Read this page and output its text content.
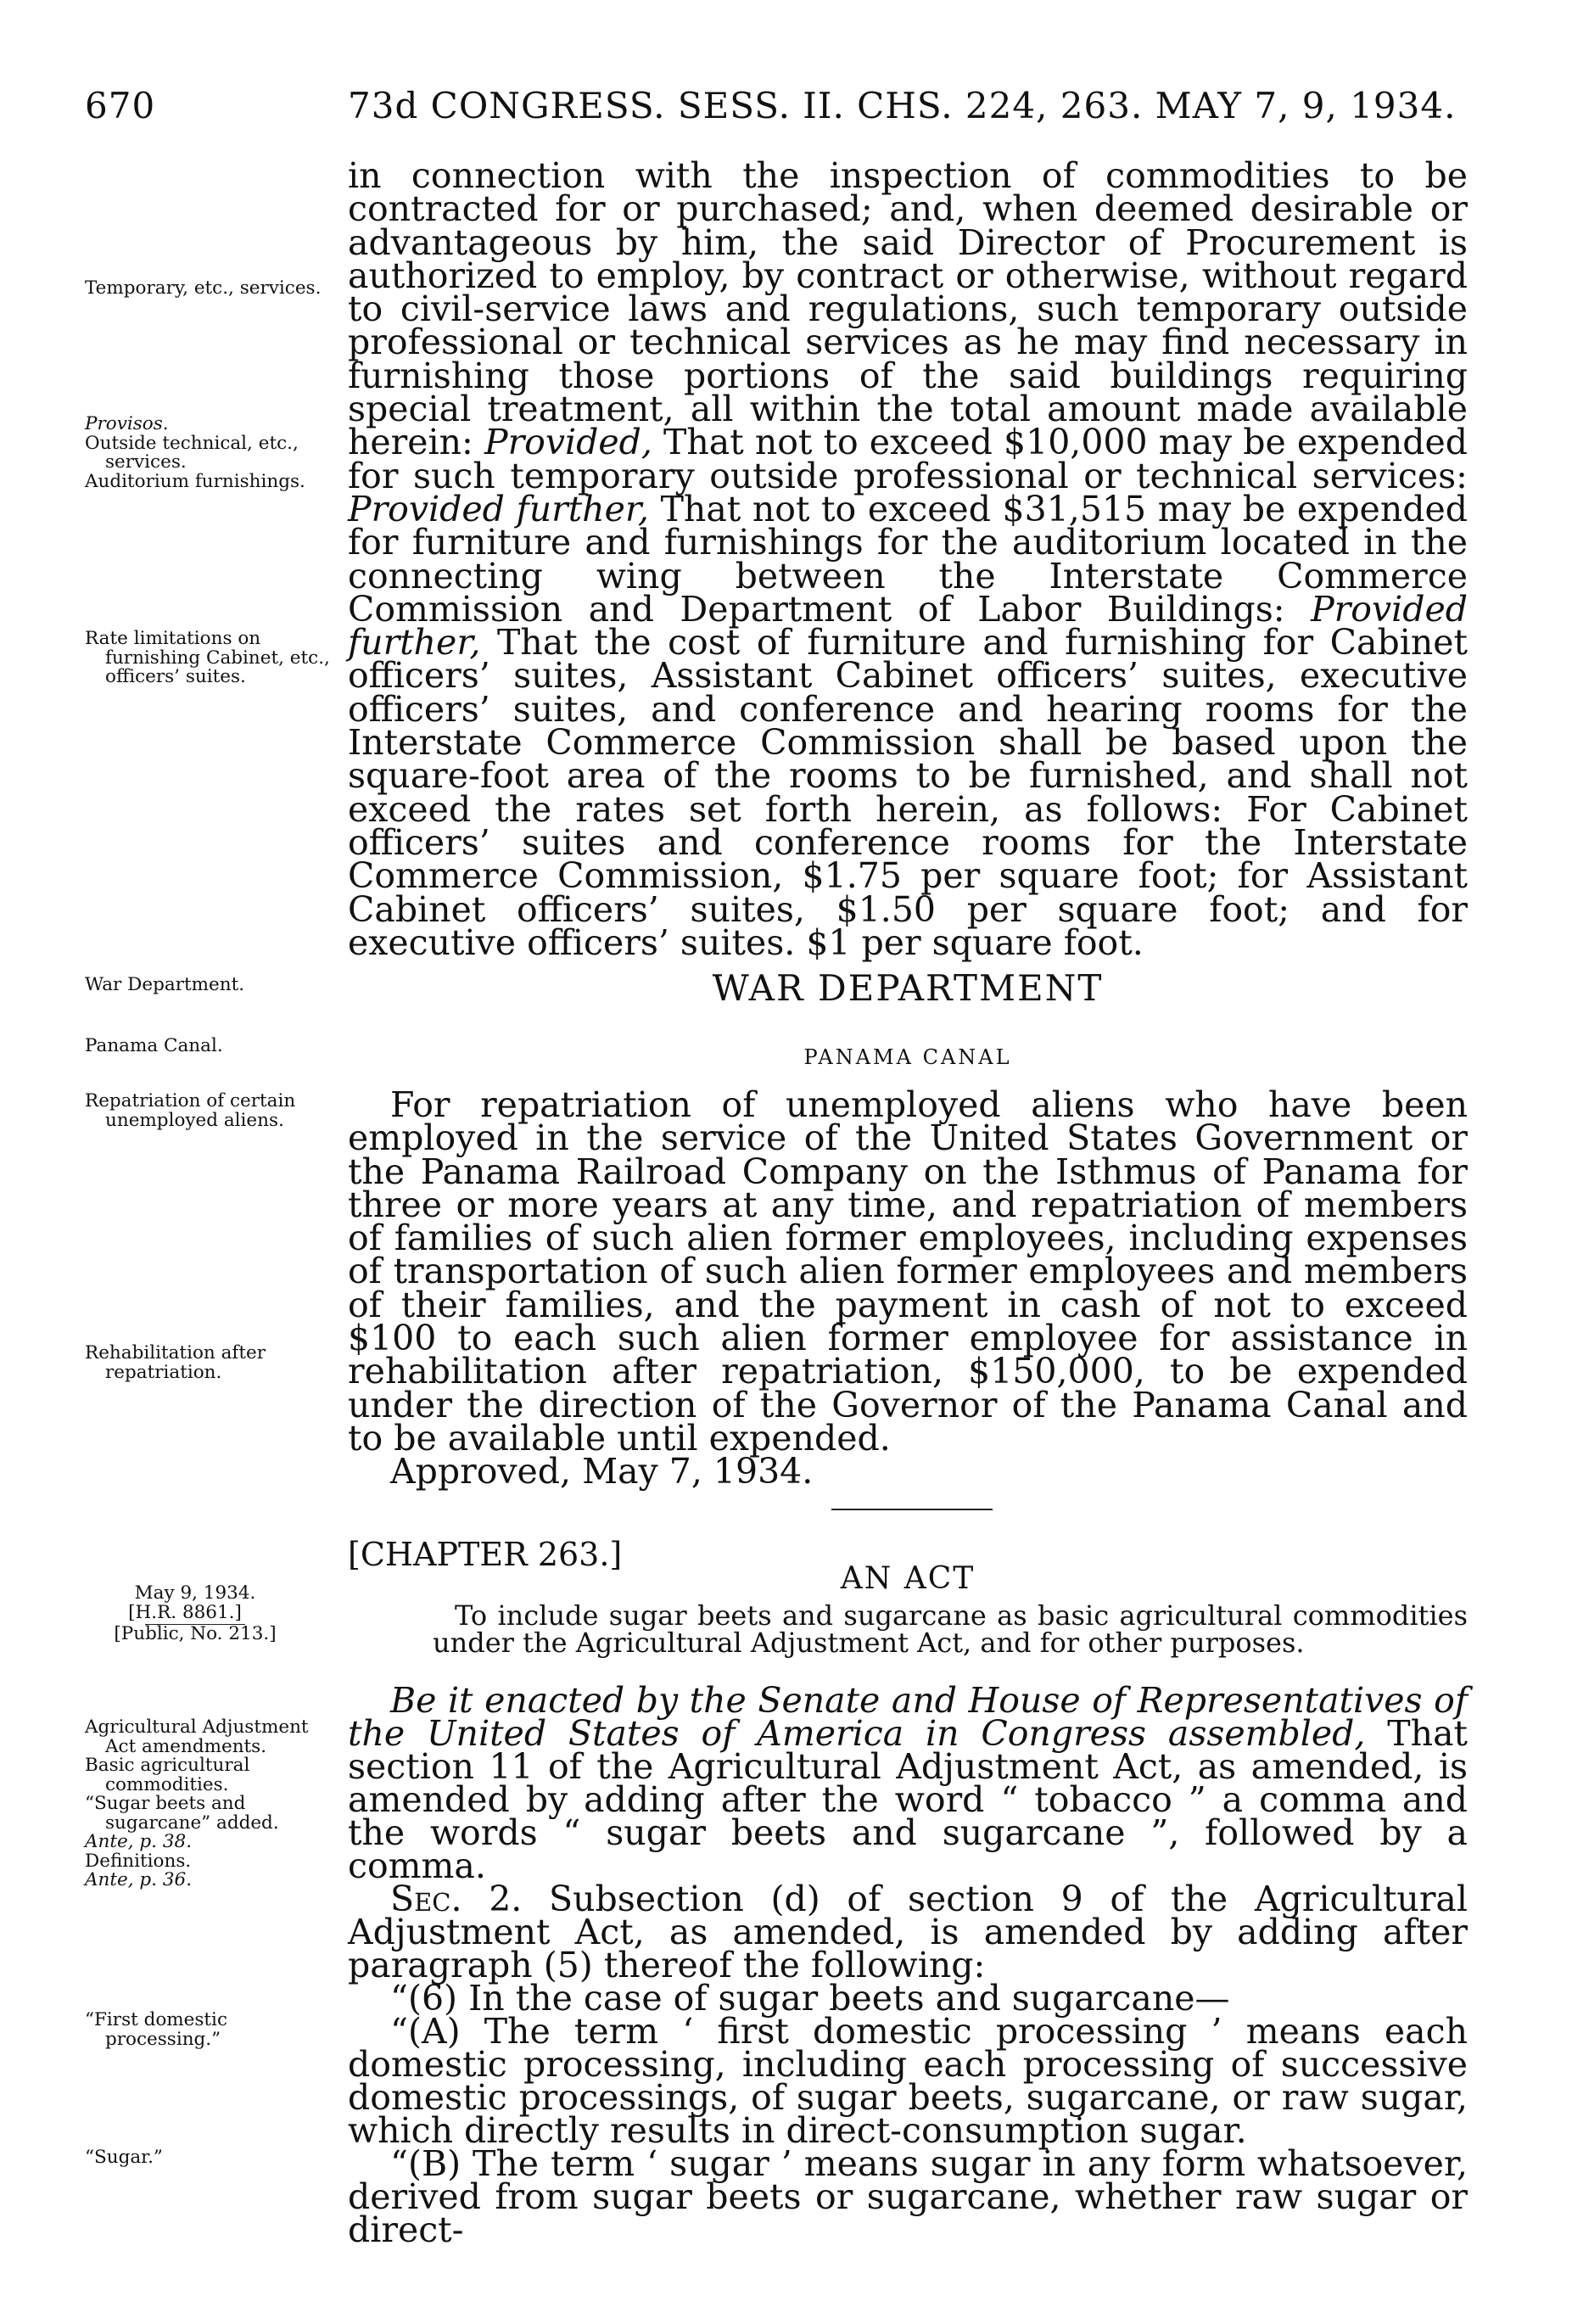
670	73d CONGRESS. SESS. II. CHS. 224, 263. MAY 7, 9, 1934.

in connection with the inspection of commodities to be contracted for or purchased; and, when deemed desirable or advantageous by him, the said Director of Procurement is authorized to employ, by contract or otherwise, without regard to civil-service laws and regulations, such temporary outside professional or technical services as he may find necessary in furnishing those portions of the said buildings requiring special treatment, all within the total amount made available herein: Provided, That not to exceed $10,000 may be expended for such temporary outside professional or technical services: Provided further, That not to exceed $31,515 may be expended for furniture and furnishings for the auditorium located in the connecting wing between the Interstate Commerce Commission and Department of Labor Buildings: Provided further, That the cost of furniture and furnishing for Cabinet officers’ suites, Assistant Cabinet officers’ suites, executive officers’ suites, and conference and hearing rooms for the Interstate Commerce Commission shall be based upon the square-foot area of the rooms to be furnished, and shall not exceed the rates set forth herein, as follows: For Cabinet officers’ suites and conference rooms for the Interstate Commerce Commission, $1.75 per square foot; for Assistant Cabinet officers’ suites, $1.50 per square foot; and for executive officers’ suites. $1 per square foot.

WAR DEPARTMENT
PANAMA CANAL

For repatriation of unemployed aliens who have been employed in the service of the United States Government or the Panama Railroad Company on the Isthmus of Panama for three or more years at any time, and repatriation of members of families of such alien former employees, including expenses of transportation of such alien former employees and members of their families, and the payment in cash of not to exceed $100 to each such alien former employee for assistance in rehabilitation after repatriation, $150,000, to be expended under the direction of the Governor of the Panama Canal and to be available until expended.

Approved, May 7, 1934.

[CHAPTER 263.]
AN ACT
To include sugar beets and sugarcane as basic agricultural commodities under the Agricultural Adjustment Act, and for other purposes.

Be it enacted by the Senate and House of Representatives of the United States of America in Congress assembled, That section 11 of the Agricultural Adjustment Act, as amended, is amended by adding after the word “ tobacco ” a comma and the words “ sugar beets and sugarcane ”, followed by a comma.

Sec. 2. Subsection (d) of section 9 of the Agricultural Adjustment Act, as amended, is amended by adding after paragraph (5) thereof the following:

“(6) In the case of sugar beets and sugarcane—

“(A) The term ‘ first domestic processing ’ means each domestic processing, including each processing of successive domestic processings, of sugar beets, sugarcane, or raw sugar, which directly results in direct-consumption sugar.

“(B) The term ‘ sugar ’ means sugar in any form whatsoever, derived from sugar beets or sugarcane, whether raw sugar or direct-

Temporary, etc., services.
Provisos.
Outside technical, etc., services.
Auditorium furnishings.
Rate limitations on furnishing Cabinet, etc., officers’ suites.
War Department.
Panama Canal.
Repatriation of certain unemployed aliens.
Rehabilitation after repatriation.
May 9, 1934.
[H.R. 8861.]
[Public, No. 213.]
Agricultural Adjustment Act amendments.
Basic agricultural commodities.
“Sugar beets and sugarcane” added.
Ante, p. 38.
Definitions.
Ante, p. 36.
“First domestic processing.”
“Sugar.”
